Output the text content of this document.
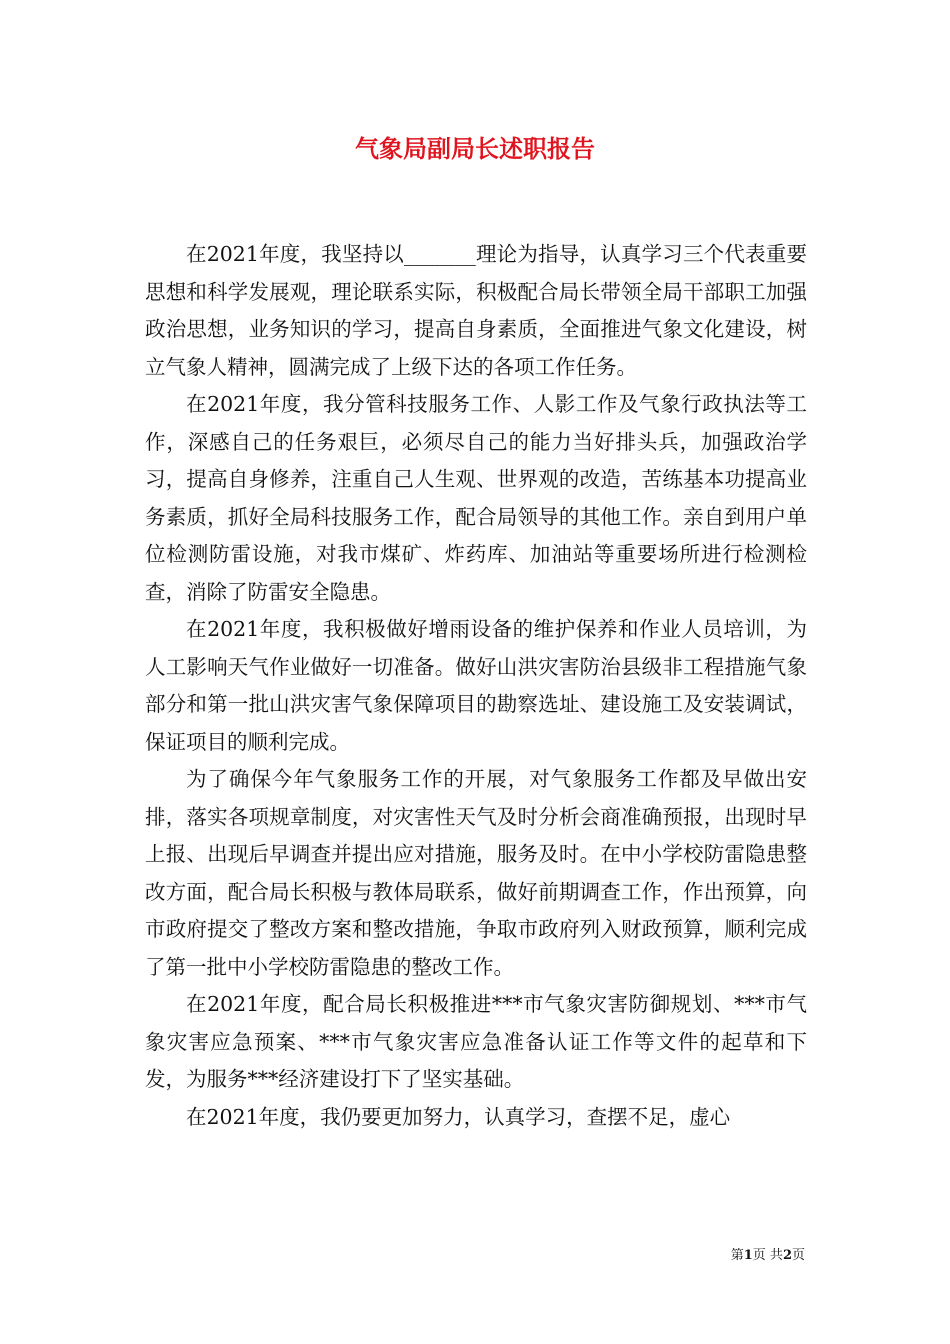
气象局副局长述职报告

在2021年度，我坚持以_______理论为指导，认真学习三个代表重要思想和科学发展观，理论联系实际，积极配合局长带领全局干部职工加强政治思想，业务知识的学习，提高自身素质，全面推进气象文化建设，树立气象人精神，圆满完成了上级下达的各项工作任务。

在2021年度，我分管科技服务工作、人影工作及气象行政执法等工作，深感自己的任务艰巨，必须尽自己的能力当好排头兵，加强政治学习，提高自身修养，注重自己人生观、世界观的改造，苦练基本功提高业务素质，抓好全局科技服务工作，配合局领导的其他工作。亲自到用户单位检测防雷设施，对我市煤矿、炸药库、加油站等重要场所进行检测检查，消除了防雷安全隐患。

在2021年度，我积极做好增雨设备的维护保养和作业人员培训，为人工影响天气作业做好一切准备。做好山洪灾害防治县级非工程措施气象部分和第一批山洪灾害气象保障项目的勘察选址、建设施工及安装调试，保证项目的顺利完成。

为了确保今年气象服务工作的开展，对气象服务工作都及早做出安排，落实各项规章制度，对灾害性天气及时分析会商准确预报，出现时早上报、出现后早调查并提出应对措施，服务及时。在中小学校防雷隐患整改方面，配合局长积极与教体局联系，做好前期调查工作，作出预算，向市政府提交了整改方案和整改措施，争取市政府列入财政预算，顺利完成了第一批中小学校防雷隐患的整改工作。

在2021年度，配合局长积极推进***市气象灾害防御规划、***市气象灾害应急预案、***市气象灾害应急准备认证工作等文件的起草和下发，为服务***经济建设打下了坚实基础。

在2021年度，我仍要更加努力，认真学习，查摆不足，虚心

第1页 共2页
